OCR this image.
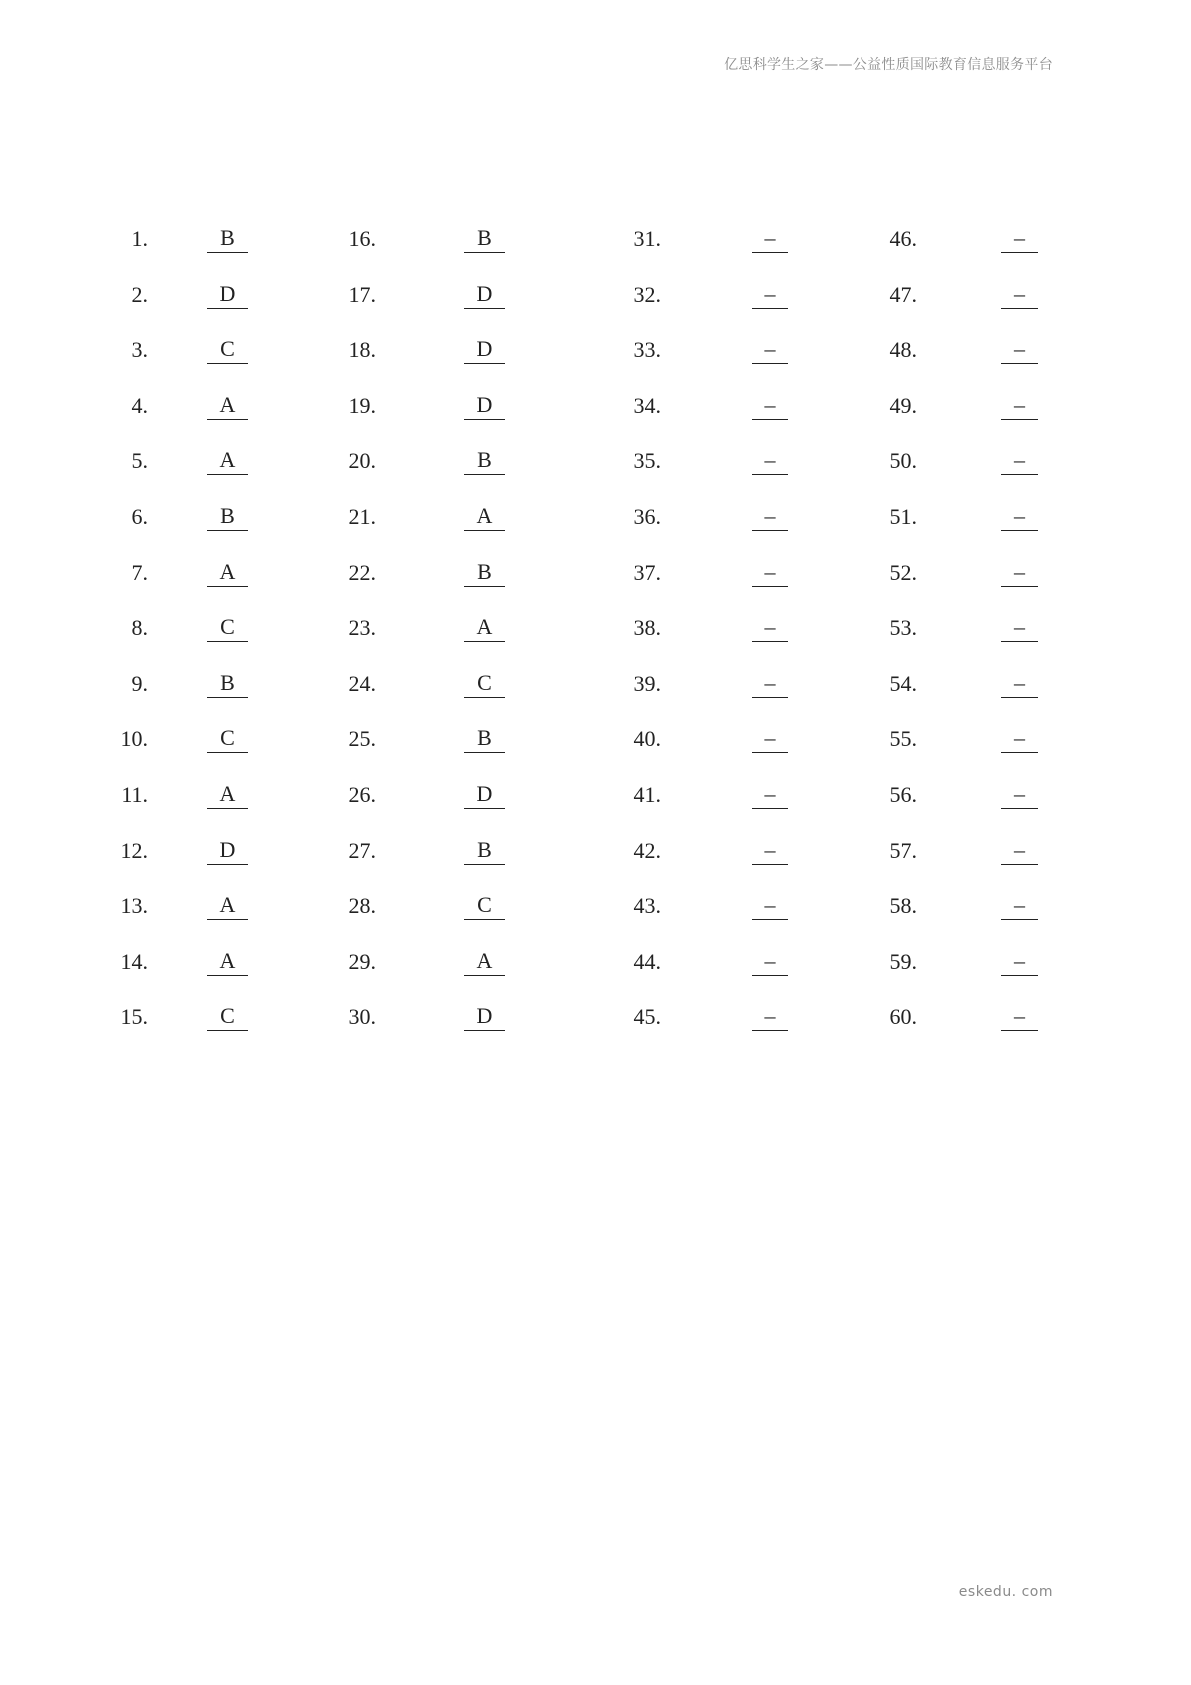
亿思科学生之家——公益性质国际教育信息服务平台
1.	B
2.	D
3.	C
4.	A
5.	A
6.	B
7.	A
8.	C
9.	B
10.	C
11.	A
12.	D
13.	A
14.	A
15.	C
16.	B
17.	D
18.	D
19.	D
20.	B
21.	A
22.	B
23.	A
24.	C
25.	B
26.	D
27.	B
28.	C
29.	A
30.	D
31.	–
32.	–
33.	–
34.	–
35.	–
36.	–
37.	–
38.	–
39.	–
40.	–
41.	–
42.	–
43.	–
44.	–
45.	–
46.	–
47.	–
48.	–
49.	–
50.	–
51.	–
52.	–
53.	–
54.	–
55.	–
56.	–
57.	–
58.	–
59.	–
60.	–
eskedu. com
